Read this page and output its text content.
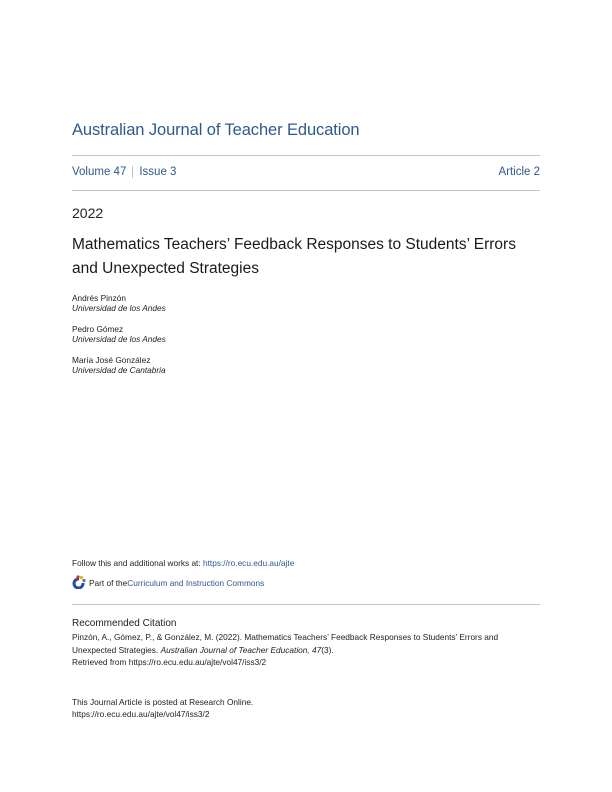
Australian Journal of Teacher Education
Volume 47 Issue 3	Article 2
2022
Mathematics Teachers’ Feedback Responses to Students’ Errors and Unexpected Strategies
Andrés Pinzón
Universidad de los Andes
Pedro Gómez
Universidad de los Andes
María José González
Universidad de Cantabria
Follow this and additional works at: https://ro.ecu.edu.au/ajte
Part of the Curriculum and Instruction Commons
Recommended Citation
Pinzón, A., Gómez, P., & González, M. (2022). Mathematics Teachers’ Feedback Responses to Students’ Errors and Unexpected Strategies. Australian Journal of Teacher Education, 47(3).
Retrieved from https://ro.ecu.edu.au/ajte/vol47/iss3/2
This Journal Article is posted at Research Online.
https://ro.ecu.edu.au/ajte/vol47/iss3/2
